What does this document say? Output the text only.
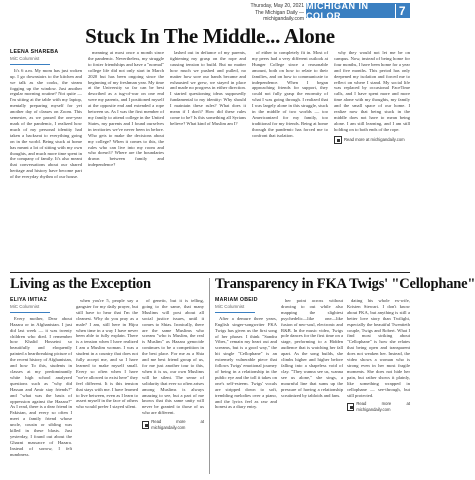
Thursday, May 20, 2021
The Michigan Daily — michigandaily.com
MICHIGAN IN COLOR	7
Stuck In The Middle... Alone
LEENA SHAREBA
MiC Columnist

It's 6 a.m. My mom has just woken up. I go downstairs to the kitchen and we talk as she cooks, the steam fogging up the window. Just another regular morning routine? Not quite — I'm sitting at the table with my laptop, mentally preparing myself for yet another day of classes on Zoom. This semester, as we passed the one-year mark of the pandemic, I realized how much of my personal identity had taken a backseat to everything going on in the world. Being stuck at home has meant a lot of sitting with my own thoughts, and much more time spent in the company of family. It's also meant that conversations about our shared heritage and history have become part of the everyday rhythm of our house.

meaning at most once a month since the pandemic. Nevertheless, my struggle to foster friendships and have a "normal" college life did not only start in March 2020 but has been ongoing since the beginning of my freshman year. My time at the University so far can be best described as a tug-of-war on one end were my parents, and I positioned myself at the opposite end and extended a rope between us. As I was the first member of my family to attend college in the United States, my parents and I found ourselves in territories we've never been in before. Who gets to make the decisions about my college? When it comes to this, the rules who can live into my room and who doesn't? Where are the boundaries drawn between family and independence?

lashed out in defiance of my parents, tightening my grasp on the rope and causing tension to build. But no matter how much we pushed and pulled, no matter how sore our hands became and exhausted we grew, we stayed in place and made no progress in either direction. I started questioning ideas supposedly fundamental to my identity: Why should I maintain these rules? What does it mean if I don't? How did these rules come to be? Is this something all Syrians believe? What kind of Muslim am I?

of either to completely fit in. Most of my peers had a very different outlook at Hunger College since a reasonable amount, both on how to relate to their families, and on how to communicate to independence. When I began approaching friends for support, they could not fully grasp the enormity of what I was going through. I realized that I was largely alone in this struggle, stuck in the middle of two worlds — too Americanized for my family, too traditional for my friends. Being at home through the pandemic has forced me to confront that isolation.

why they would not let me be on campus. Now, instead of being home for four months, I have been home for a year and five months. This period has only deepened my isolation and forced me to reflect on where I stand. My social life was replaced by occasional FaceTime calls, and I have spent more and more time alone with my thoughts, my family and the small space of our home. I realize now that being stuck in the middle does not have to mean being alone. I am still learning, and I am still holding on to both ends of the rope.

Read more at michigandaily.com
Living as the Exception
ELIYA IMTIAZ
MiC Columnist

Every mother, Dear about Hazara or in Afghanistan. I just did last week — it was twenty children who died. I remember how Khalid Hosseini so beautifully and eloquently painted a heartbreaking picture of the recent history of Afghanistan, and how To this, students in classes at my predominantly white high school analyzed questions such as "why did Hassan and Amir stay friends?" and "what was the basis of oppression against the Hazara?" As I read, there is a dear friend in Pakistan, and every so often I meet a family friend whose uncle, cousin or sibling was killed in these blasts. Just yesterday, I found out about the Ghazni massacre of Hazara. Instead of sorrow, I felt numbness.

when you're 5, people say a gangster for my daily prayer, but still have to hear that I'm the cleanest. Why do you pray as a male? I am, still here in Hijra when time in a way I have never been able to fully explain. There is a tension when I have realized I am a Muslim woman. I was a student in a country that does not fully accept me, and so I have learned to make myself small. Every so often when I have "we're allowed to exist here" they feel different. It is this tension that stays with me. I have learned to live between, even as I learn to assert myself in the face of others who would prefer I stayed silent.

of genetic, but it is telling, going to the same, that many Muslims will post about all social justice issues, until it comes to Shias. Ironically, there are the same Muslims who scream "who is Muslim, the real is Muslim" as Hazara genocide continues to be a competition in the best place. For me as a Shia and me best friend group of us, for me just another tour to this, when it is us, our own Muslims will be silent. The sense of solidarity that ever so often arises among Muslims is always amazing to see, but a part of me knows that this same unity will never be granted to those of us who are different.

Read more at michigandaily.com
Transparency in FKA Twigs' "Cellophane"
MARIAM OBEID
MiC Columnist

After a demure three years, English singer-songwriter FKA Twigs has given us the first song of her phaser. I think "Sandra Vibes," remain my heart out and screams, but is a good way," the hit single "Cellophane" is an extremely vulnerable piece that follows Twigs' emotional journey of being in a relationship in the public eye and the toll it takes on one's self-esteem. Twigs' vocals are stripped down to soft, trembling melodies over a piano, and the lyrics feel as raw and honest as a diary entry.

her point across without drawing to out while also mapping the slightest psychedelic—like one—like fusion of neo-soul, electronic and R&B. In the music video, Twigs pole dances for the first time on a stage, performing to a Hidden audience that is watching her fall apart. As the song builds, she climbs higher and higher before falling into a shapeless void of clay. "They wanna see us, wanna see us alone," she sings, a mournful line that sums up the pressure of having a relationship scrutinized by tabloids and fans.

dating his whole ex-wife, Kristen Stewart. I don't know about FKA, but anything is still a better love story than Twilight, especially the beautiful Twentieth couple, Twigs and Robert. What I find most striking about "Cellophane" is how she relates that being open and transparent does not weaken her. Instead, the video shows a woman who is strong even in her most fragile moments. She does not hide her pain, but rather shows it plainly, like something wrapped in cellophane — see-through, but still protected.

Read more at michigandaily.com
